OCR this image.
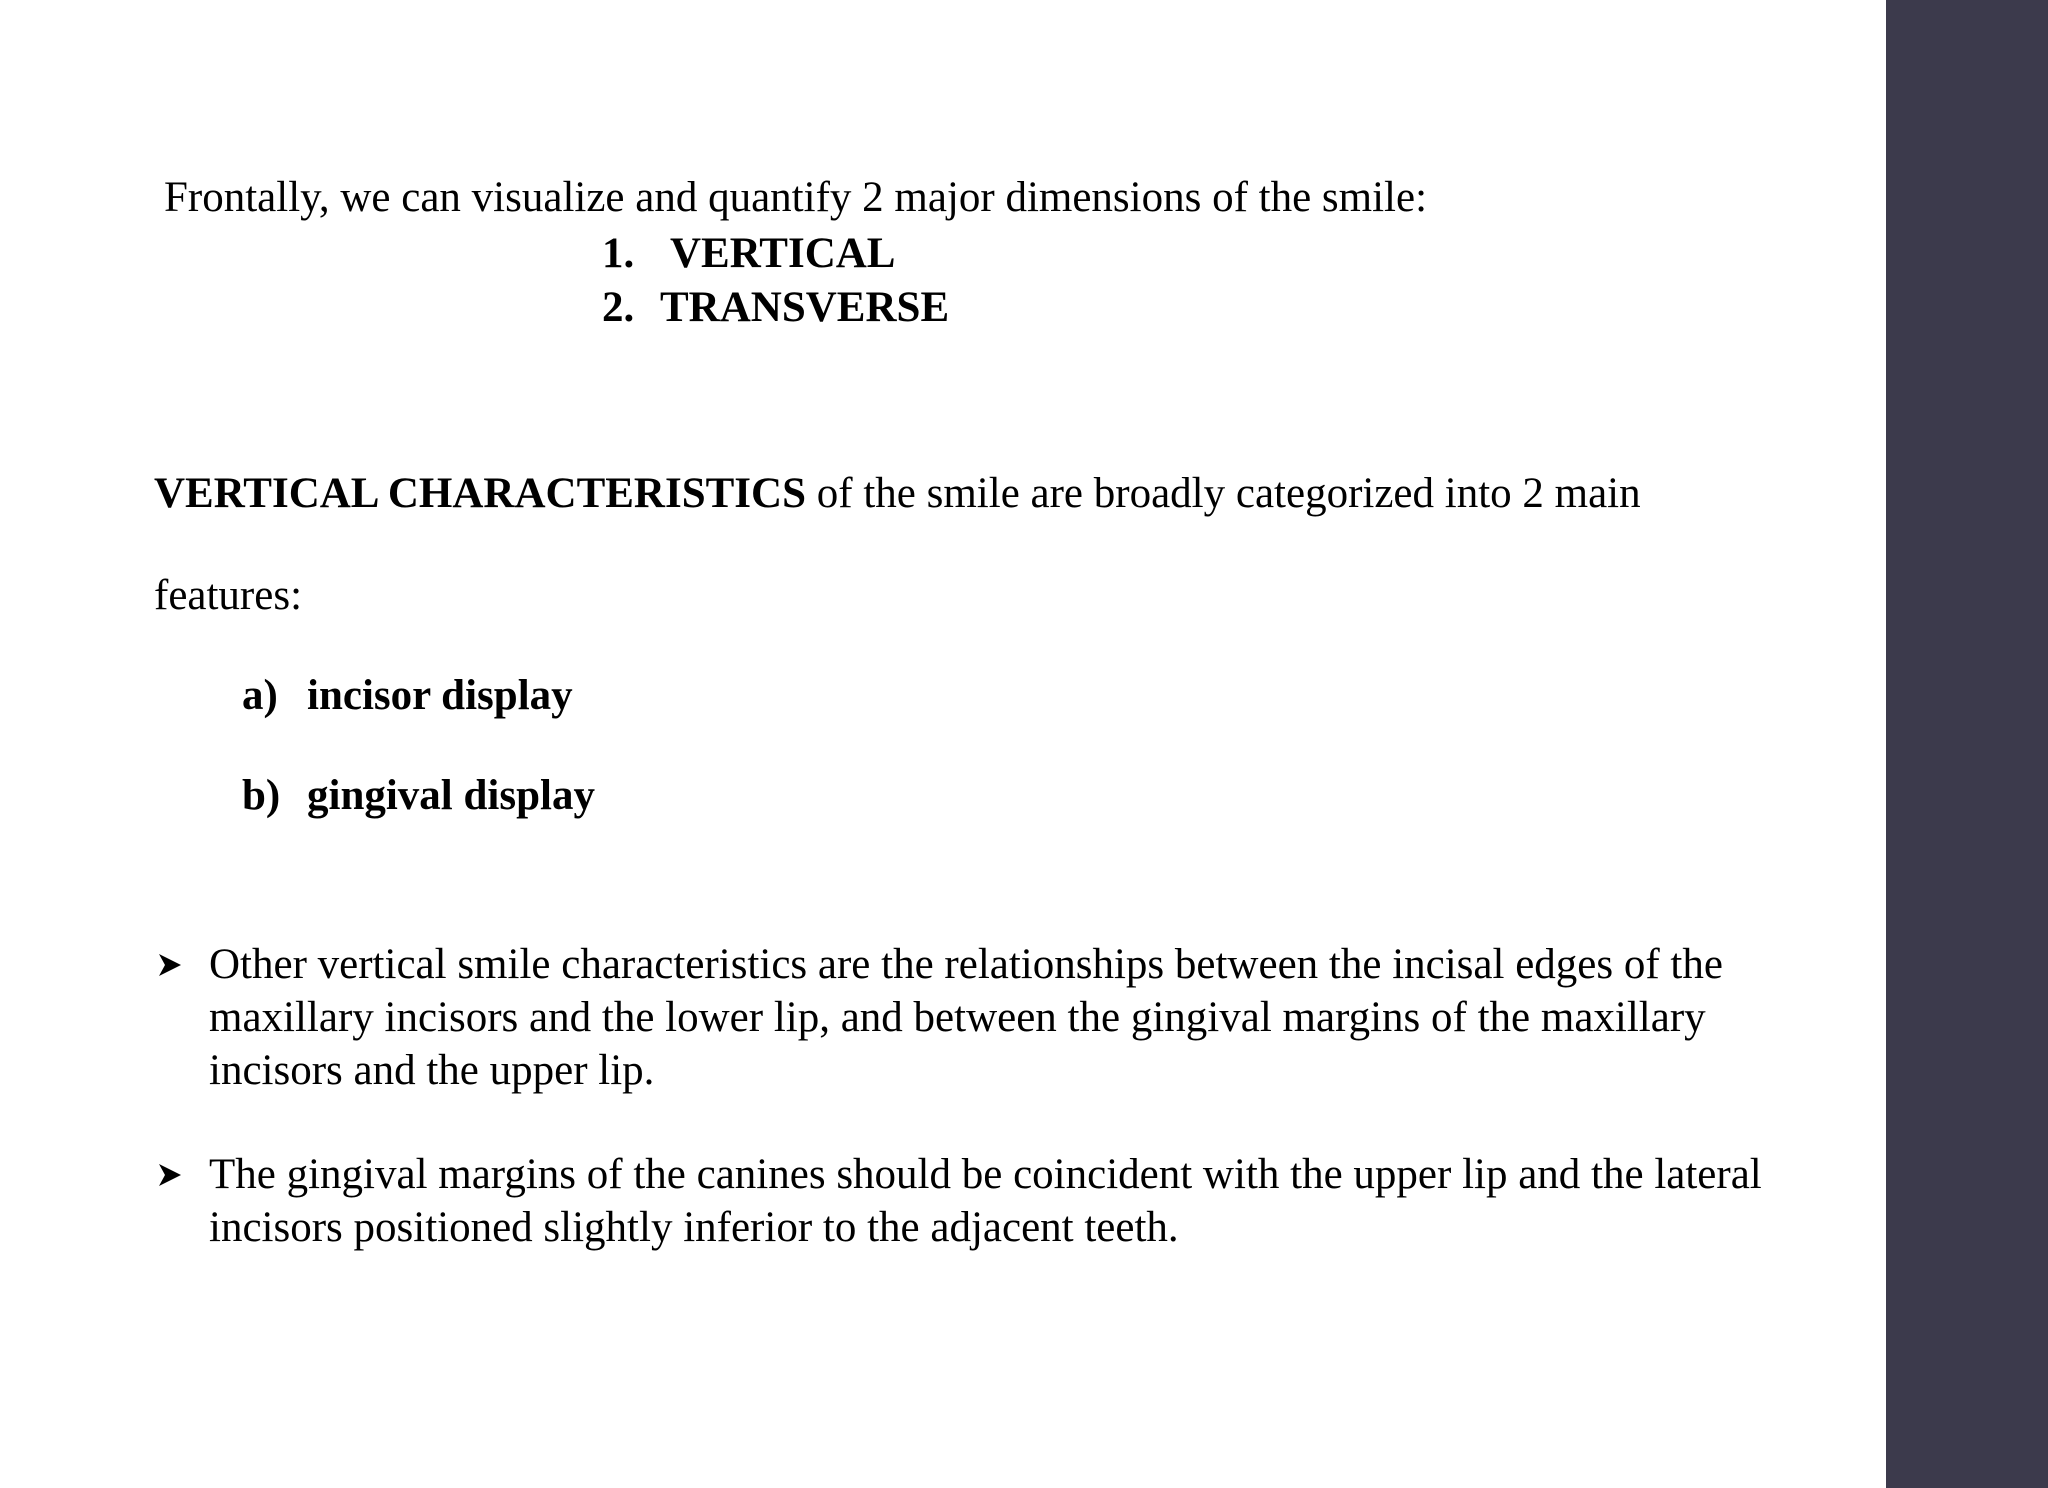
Frontally, we can visualize and quantify 2 major dimensions of the smile:
1. VERTICAL
2. TRANSVERSE
VERTICAL CHARACTERISTICS of the smile are broadly categorized into 2 main
features:
a) incisor display
b) gingival display
Other vertical smile characteristics are the relationships between the incisal edges of the
maxillary incisors and the lower lip, and between the gingival margins of the maxillary
incisors and the upper lip.
The gingival margins of the canines should be coincident with the upper lip and the lateral
incisors positioned slightly inferior to the adjacent teeth.
